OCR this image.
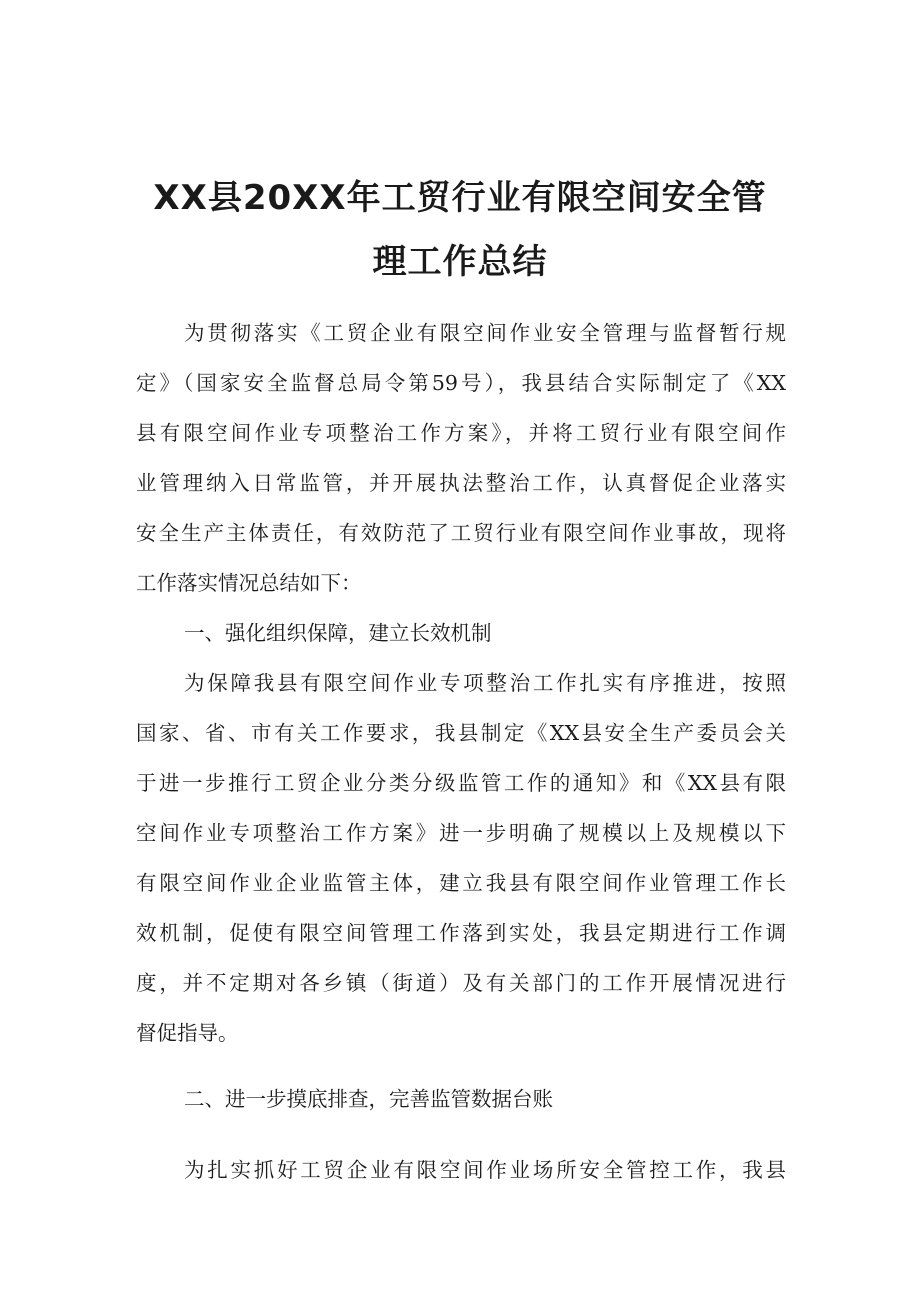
XX县20XX年工贸行业有限空间安全管
理工作总结
为贯彻落实《工贸企业有限空间作业安全管理与监督暂行规
定》（国家安全监督总局令第59号），我县结合实际制定了《XX
县有限空间作业专项整治工作方案》，并将工贸行业有限空间作
业管理纳入日常监管，并开展执法整治工作，认真督促企业落实
安全生产主体责任，有效防范了工贸行业有限空间作业事故，现将
工作落实情况总结如下：
一、强化组织保障，建立长效机制
为保障我县有限空间作业专项整治工作扎实有序推进，按照
国家、省、市有关工作要求，我县制定《XX县安全生产委员会关
于进一步推行工贸企业分类分级监管工作的通知》和《XX县有限
空间作业专项整治工作方案》进一步明确了规模以上及规模以下
有限空间作业企业监管主体，建立我县有限空间作业管理工作长
效机制，促使有限空间管理工作落到实处，我县定期进行工作调
度，并不定期对各乡镇（街道）及有关部门的工作开展情况进行
督促指导。
二、进一步摸底排查，完善监管数据台账
为扎实抓好工贸企业有限空间作业场所安全管控工作，我县
